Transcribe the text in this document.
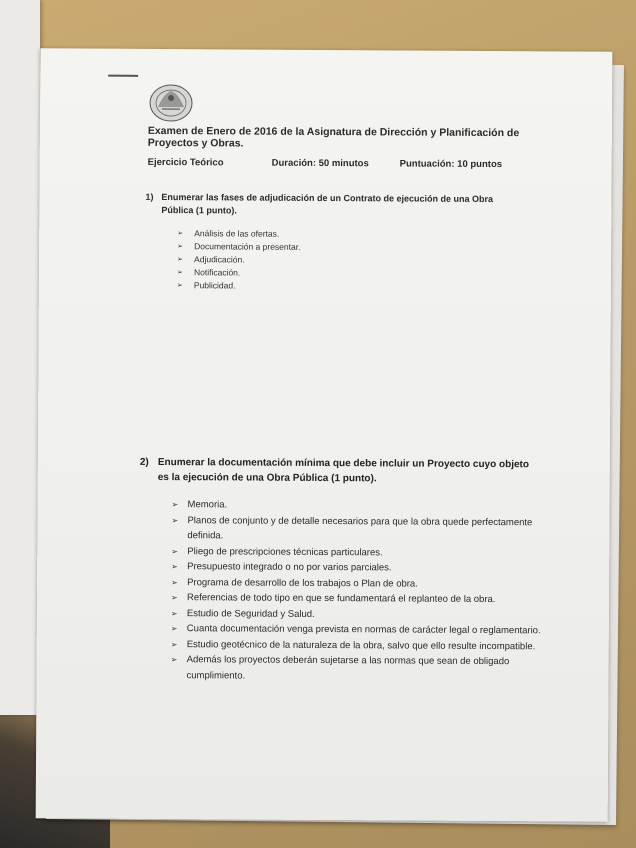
Examen de Enero de 2016 de la Asignatura de Dirección y Planificación de Proyectos y Obras.
Ejercicio Teórico	Duración: 50 minutos	Puntuación: 10 puntos
1) Enumerar las fases de adjudicación de un Contrato de ejecución de una Obra Pública (1 punto).
➢ Análisis de las ofertas.
➢ Documentación a presentar.
➢ Adjudicación.
➢ Notificación.
➢ Publicidad.
2) Enumerar la documentación mínima que debe incluir un Proyecto cuyo objeto es la ejecución de una Obra Pública (1 punto).
➢ Memoria.
➢ Planos de conjunto y de detalle necesarios para que la obra quede perfectamente definida.
➢ Pliego de prescripciones técnicas particulares.
➢ Presupuesto integrado o no por varios parciales.
➢ Programa de desarrollo de los trabajos o Plan de obra.
➢ Referencias de todo tipo en que se fundamentará el replanteo de la obra.
➢ Estudio de Seguridad y Salud.
➢ Cuanta documentación venga prevista en normas de carácter legal o reglamentario.
➢ Estudio geotécnico de la naturaleza de la obra, salvo que ello resulte incompatible.
➢ Además los proyectos deberán sujetarse a las normas que sean de obligado cumplimiento.
